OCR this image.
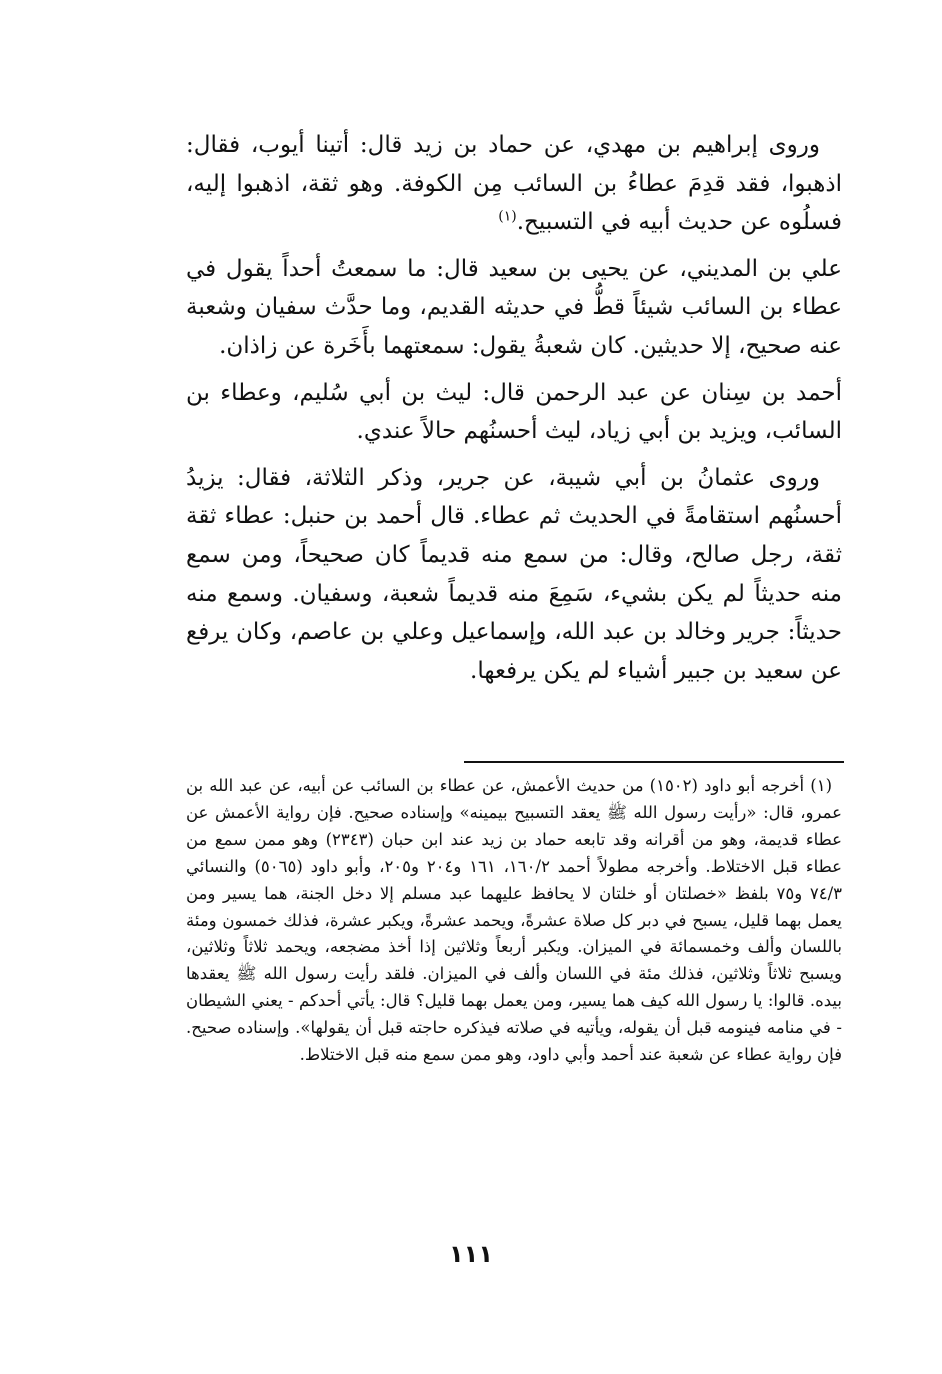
وروى إبراهيم بن مهدي، عن حماد بن زيد قال: أتينا أيوب، فقال: اذهبوا، فقد قدِمَ عطاءُ بن السائب مِن الكوفة. وهو ثقة، اذهبوا إليه، فسلُوه عن حديث أبيه في التسبيح.$^{(١)}$

علي بن المديني، عن يحيى بن سعيد قال: ما سمعتُ أحداً يقول في عطاء بن السائب شيئاً قطُّ في حديثه القديم، وما حدَّث سفيان وشعبة عنه صحيح، إلا حديثين. كان شعبةُ يقول: سمعتهما بأَخَرة عن زاذان.

أحمد بن سِنان عن عبد الرحمن قال: ليث بن أبي سُليم، وعطاء بن السائب، ويزيد بن أبي زياد، ليث أحسنُهم حالاً عندي.

وروى عثمانُ بن أبي شيبة، عن جرير، وذكر الثلاثة، فقال: يزيدُ أحسنُهم استقامةً في الحديث ثم عطاء. قال أحمد بن حنبل: عطاء ثقة ثقة، رجل صالح، وقال: من سمع منه قديماً كان صحيحاً، ومن سمع منه حديثاً لم يكن بشيء، سَمِعَ منه قديماً شعبة، وسفيان. وسمع منه حديثاً: جرير وخالد بن عبد الله، وإسماعيل وعلي بن عاصم، وكان يرفع عن سعيد بن جبير أشياء لم يكن يرفعها.

(١) أخرجه أبو داود (١٥٠٢) من حديث الأعمش، عن عطاء بن السائب عن أبيه، عن عبد الله بن عمرو، قال: «رأيت رسول الله ﷺ يعقد التسبيح بيمينه» وإسناده صحيح. فإن رواية الأعمش عن عطاء قديمة، وهو من أقرانه وقد تابعه حماد بن زيد عند ابن حبان (٢٣٤٣) وهو ممن سمع من عطاء قبل الاختلاط. وأخرجه مطولاً أحمد ١٦٠/٢، ١٦١ و٢٠٤ و٢٠٥، وأبو داود (٥٠٦٥) والنسائي ٧٤/٣ و٧٥ بلفظ «خصلتان أو خلتان لا يحافظ عليهما عبد مسلم إلا دخل الجنة، هما يسير ومن يعمل بهما قليل، يسبح في دبر كل صلاة عشرةً، ويحمد عشرةً، ويكبر عشرة، فذلك خمسون ومئة باللسان وألف وخمسمائة في الميزان. ويكبر أربعاً وثلاثين إذا أخذ مضجعه، ويحمد ثلاثاً وثلاثين، ويسبح ثلاثاً وثلاثين، فذلك مئة في اللسان وألف في الميزان. فلقد رأيت رسول الله ﷺ يعقدها بيده. قالوا: يا رسول الله كيف هما يسير، ومن يعمل بهما قليل؟ قال: يأتي أحدكم - يعني الشيطان - في منامه فينومه قبل أن يقوله، ويأتيه في صلاته فيذكره حاجته قبل أن يقولها». وإسناده صحيح. فإن رواية عطاء عن شعبة عند أحمد وأبي داود، وهو ممن سمع منه قبل الاختلاط.

١١١
